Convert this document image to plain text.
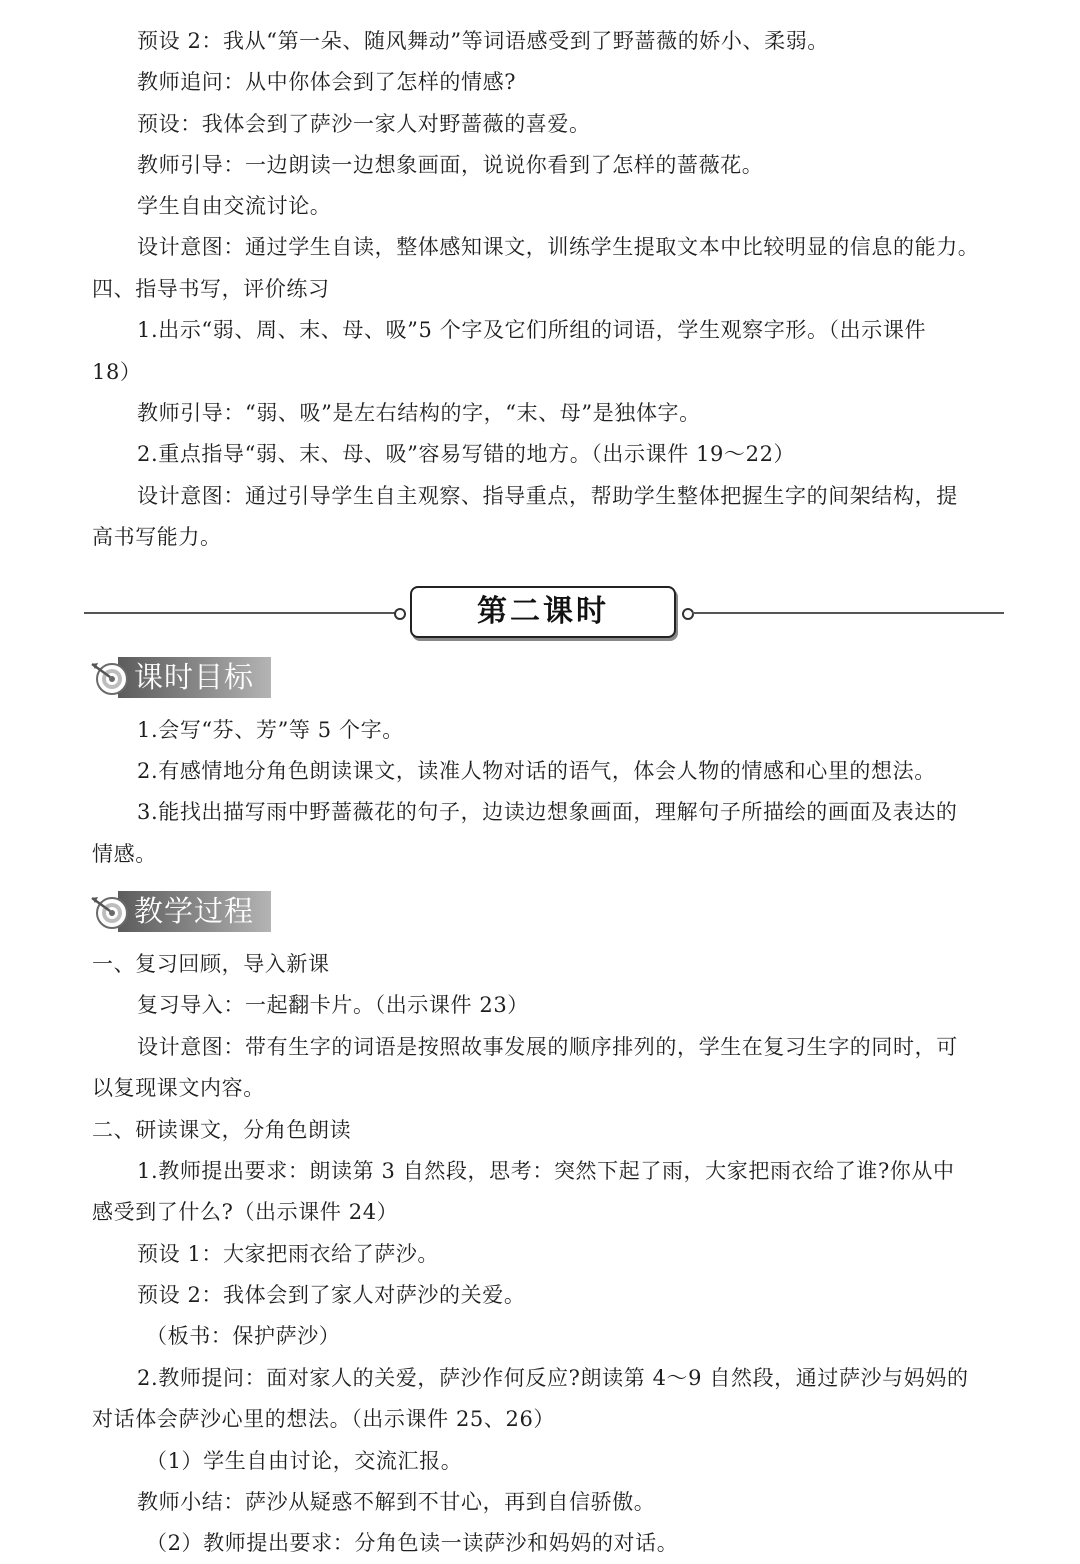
预设 2：我从“第一朵、随风舞动”等词语感受到了野蔷薇的娇小、柔弱。
教师追问：从中你体会到了怎样的情感?
预设：我体会到了萨沙一家人对野蔷薇的喜爱。
教师引导：一边朗读一边想象画面，说说你看到了怎样的蔷薇花。
学生自由交流讨论。
设计意图：通过学生自读，整体感知课文，训练学生提取文本中比较明显的信息的能力。
四、指导书写，评价练习
1.出示“弱、周、末、母、吸”5 个字及它们所组的词语，学生观察字形。（出示课件
18）
教师引导：“弱、吸”是左右结构的字，“末、母”是独体字。
2.重点指导“弱、末、母、吸”容易写错的地方。（出示课件 19～22）
设计意图：通过引导学生自主观察、指导重点，帮助学生整体把握生字的间架结构，提
高书写能力。
第二课时
课时目标
1.会写“芬、芳”等 5 个字。
2.有感情地分角色朗读课文，读准人物对话的语气，体会人物的情感和心里的想法。
3.能找出描写雨中野蔷薇花的句子，边读边想象画面，理解句子所描绘的画面及表达的
情感。
教学过程
一、复习回顾，导入新课
复习导入：一起翻卡片。（出示课件 23）
设计意图：带有生字的词语是按照故事发展的顺序排列的，学生在复习生字的同时，可
以复现课文内容。
二、研读课文，分角色朗读
1.教师提出要求：朗读第 3 自然段，思考：突然下起了雨，大家把雨衣给了谁?你从中
感受到了什么?（出示课件 24）
预设 1：大家把雨衣给了萨沙。
预设 2：我体会到了家人对萨沙的关爱。
（板书：保护萨沙）
2.教师提问：面对家人的关爱，萨沙作何反应?朗读第 4～9 自然段，通过萨沙与妈妈的
对话体会萨沙心里的想法。（出示课件 25、26）
（1）学生自由讨论，交流汇报。
教师小结：萨沙从疑惑不解到不甘心，再到自信骄傲。
（2）教师提出要求：分角色读一读萨沙和妈妈的对话。
